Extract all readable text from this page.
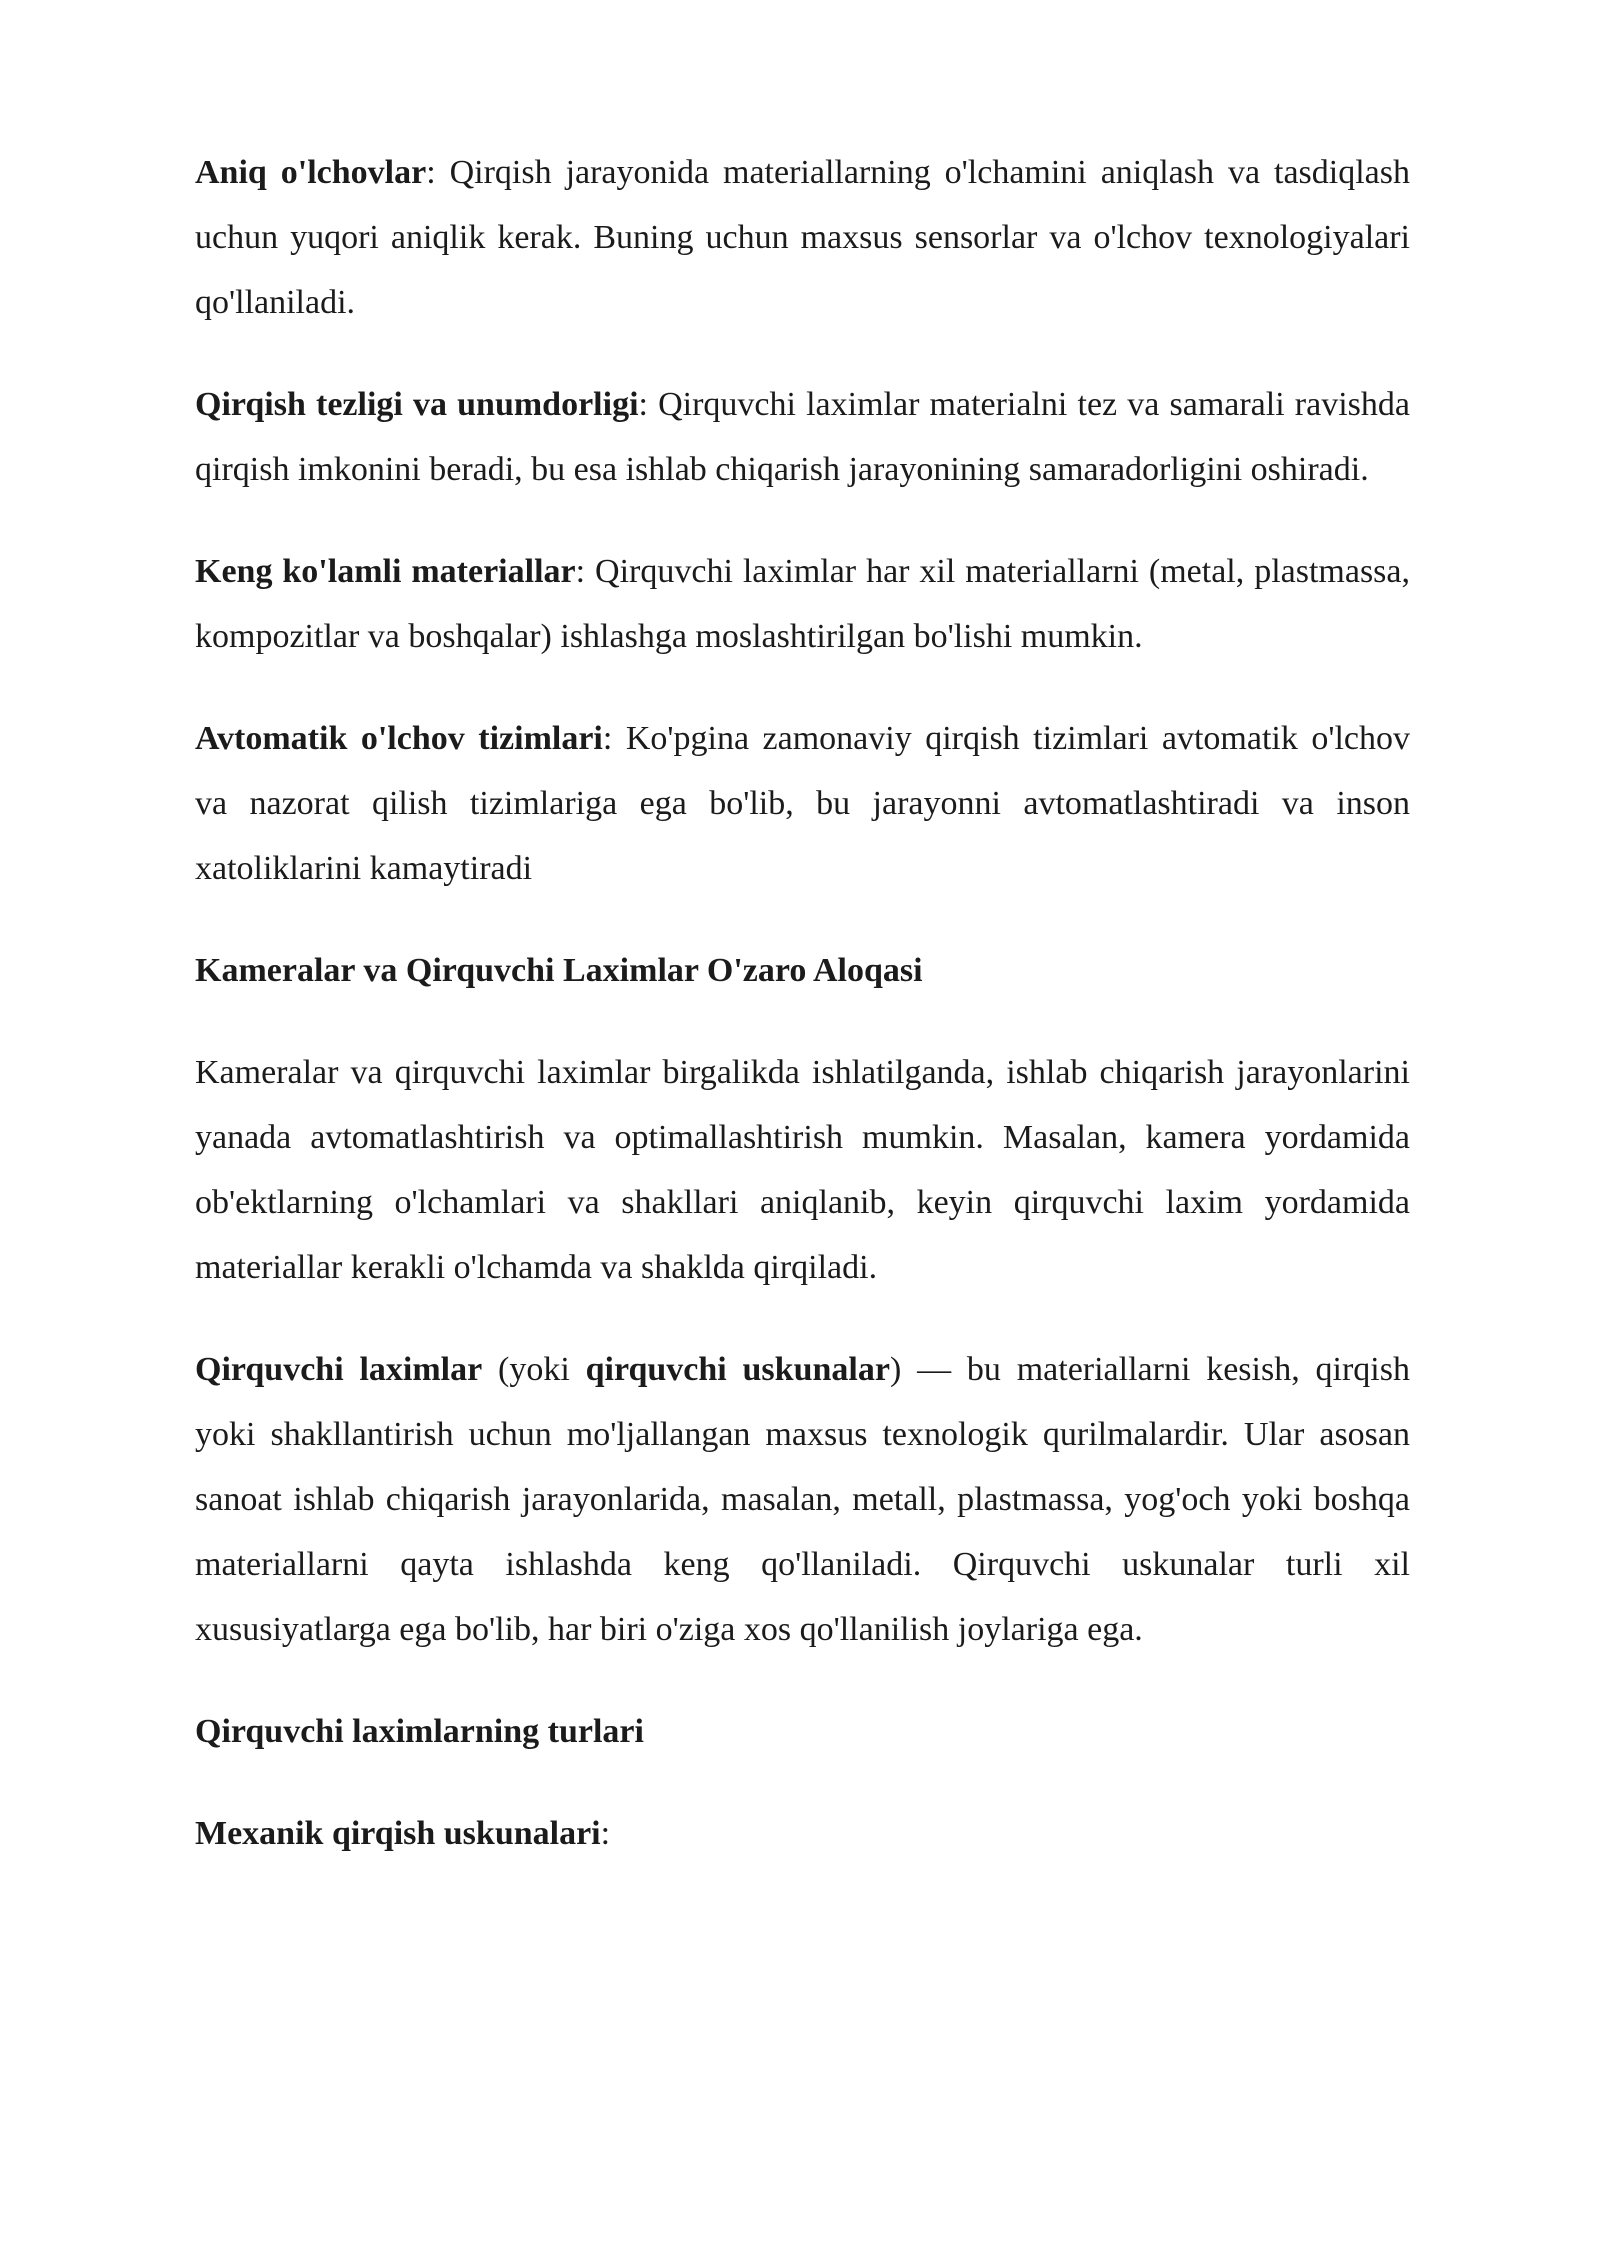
Aniq o'lchovlar: Qirqish jarayonida materiallarning o'lchamini aniqlash va tasdiqlash uchun yuqori aniqlik kerak. Buning uchun maxsus sensorlar va o'lchov texnologiyalari qo'llaniladi.

Qirqish tezligi va unumdorligi: Qirquvchi laximlar materialni tez va samarali ravishda qirqish imkonini beradi, bu esa ishlab chiqarish jarayonining samaradorligini oshiradi.

Keng ko'lamli materiallar: Qirquvchi laximlar har xil materiallarni (metal, plastmassa, kompozitlar va boshqalar) ishlashga moslashtirilgan bo'lishi mumkin.

Avtomatik o'lchov tizimlari: Ko'pgina zamonaviy qirqish tizimlari avtomatik o'lchov va nazorat qilish tizimlariga ega bo'lib, bu jarayonni avtomatlashtiradi va inson xatoliklarini kamaytiradi

Kameralar va Qirquvchi Laximlar O'zaro Aloqasi

Kameralar va qirquvchi laximlar birgalikda ishlatilganda, ishlab chiqarish jarayonlarini yanada avtomatlashtirish va optimallashtirish mumkin. Masalan, kamera yordamida ob'ektlarning o'lchamlari va shakllari aniqlanib, keyin qirquvchi laxim yordamida materiallar kerakli o'lchamda va shaklda qirqiladi.

Qirquvchi laximlar (yoki qirquvchi uskunalar) — bu materiallarni kesish, qirqish yoki shakllantirish uchun mo'ljallangan maxsus texnologik qurilmalardir. Ular asosan sanoat ishlab chiqarish jarayonlarida, masalan, metall, plastmassa, yog'och yoki boshqa materiallarni qayta ishlashda keng qo'llaniladi. Qirquvchi uskunalar turli xil xususiyatlarga ega bo'lib, har biri o'ziga xos qo'llanilish joylariga ega.

Qirquvchi laximlarning turlari

Mexanik qirqish uskunalari:
